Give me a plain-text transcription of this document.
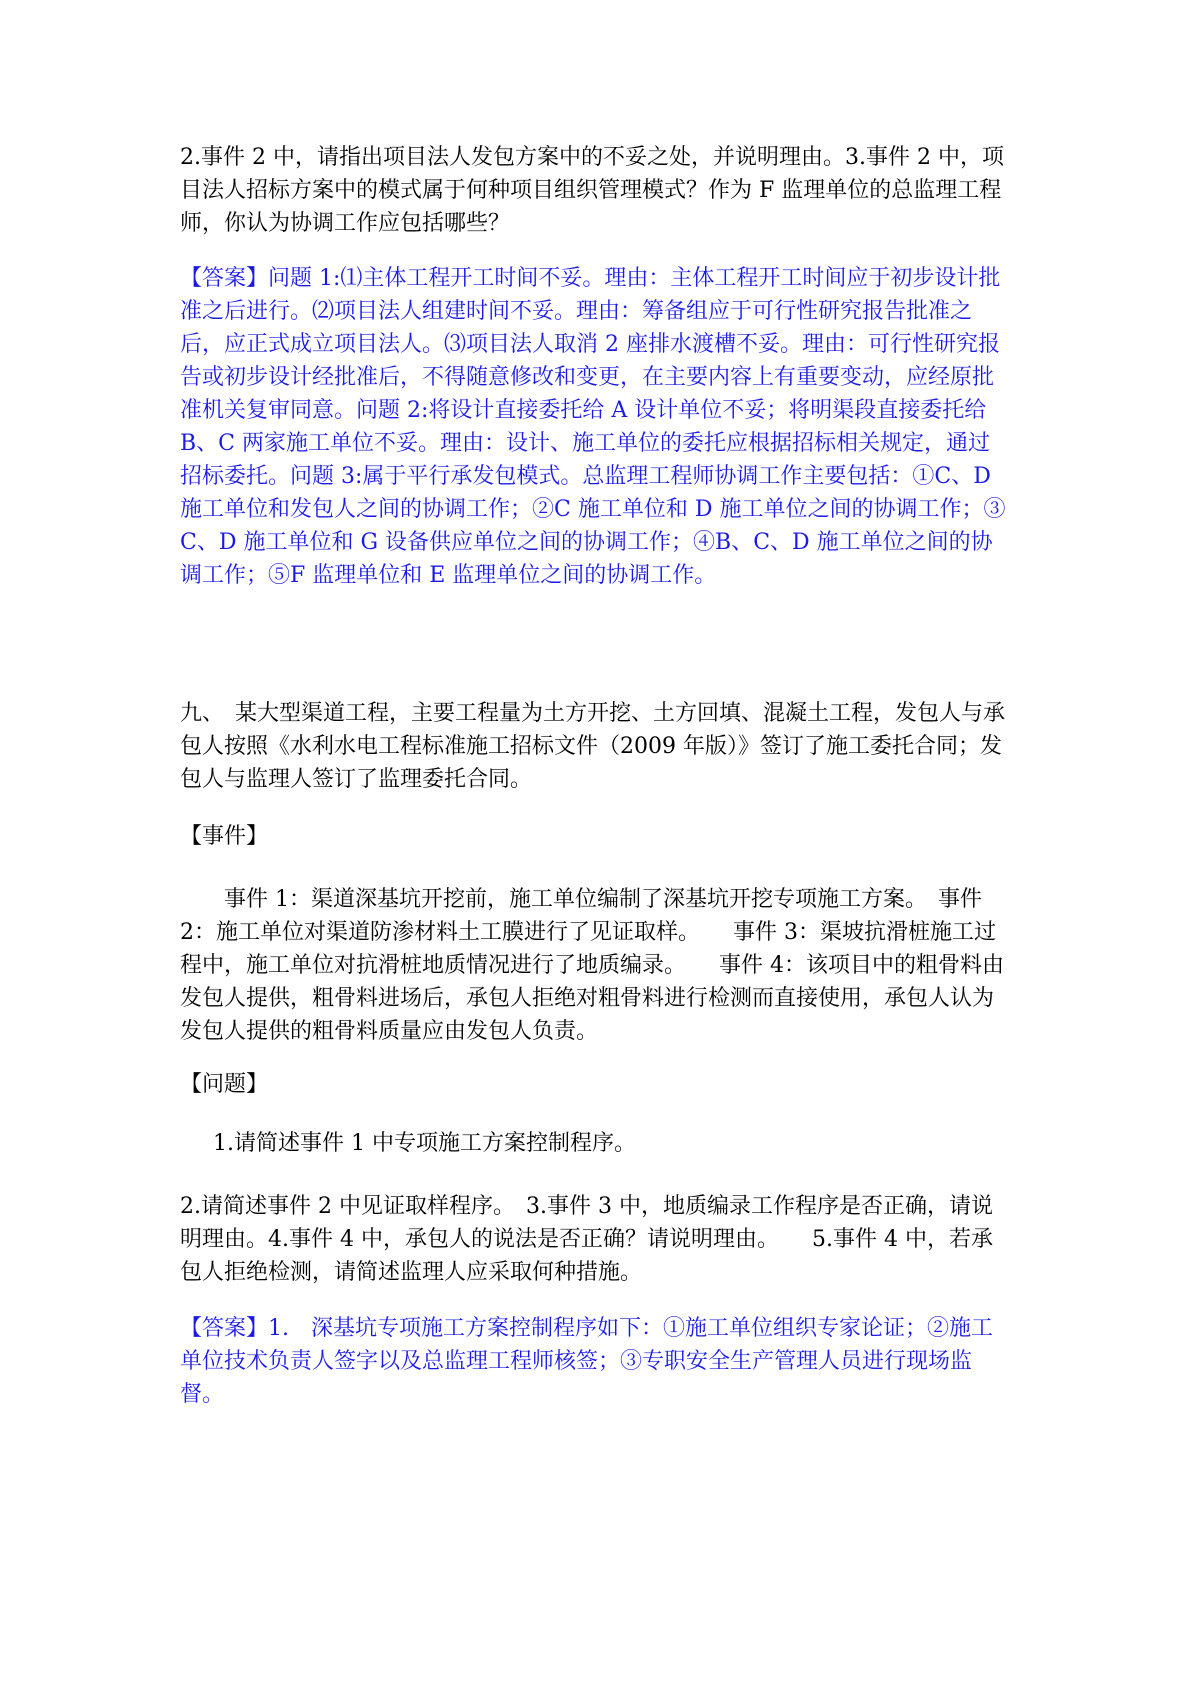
2.事件 2 中，请指出项目法人发包方案中的不妥之处，并说明理由。3.事件 2 中，项目法人招标方案中的模式属于何种项目组织管理模式？作为 F 监理单位的总监理工程师，你认为协调工作应包括哪些？

【答案】问题 1:⑴主体工程开工时间不妥。理由：主体工程开工时间应于初步设计批准之后进行。⑵项目法人组建时间不妥。理由：筹备组应于可行性研究报告批准之后，应正式成立项目法人。⑶项目法人取消 2 座排水渡槽不妥。理由：可行性研究报告或初步设计经批准后，不得随意修改和变更，在主要内容上有重要变动，应经原批准机关复审同意。问题 2:将设计直接委托给 A 设计单位不妥；将明渠段直接委托给 B、C 两家施工单位不妥。理由：设计、施工单位的委托应根据招标相关规定，通过招标委托。问题 3:属于平行承发包模式。总监理工程师协调工作主要包括：①C、D 施工单位和发包人之间的协调工作；②C 施工单位和 D 施工单位之间的协调工作；③C、D 施工单位和 G 设备供应单位之间的协调工作；④B、C、D 施工单位之间的协调工作；⑤F 监理单位和 E 监理单位之间的协调工作。

九、　某大型渠道工程，主要工程量为土方开挖、土方回填、混凝土工程，发包人与承包人按照《水利水电工程标准施工招标文件（2009 年版）》签订了施工委托合同；发包人与监理人签订了监理委托合同。

【事件】

事件 1：渠道深基坑开挖前，施工单位编制了深基坑开挖专项施工方案。　事件 2：施工单位对渠道防渗材料土工膜进行了见证取样。　　事件 3：渠坡抗滑桩施工过程中，施工单位对抗滑桩地质情况进行了地质编录。　　事件 4：该项目中的粗骨料由发包人提供，粗骨料进场后，承包人拒绝对粗骨料进行检测而直接使用，承包人认为发包人提供的粗骨料质量应由发包人负责。

【问题】

1.请简述事件 1 中专项施工方案控制程序。

2.请简述事件 2 中见证取样程序。　3.事件 3 中，地质编录工作程序是否正确，请说明理由。4.事件 4 中，承包人的说法是否正确？请说明理由。　　5.事件 4 中，若承包人拒绝检测，请简述监理人应采取何种措施。

【答案】1.　深基坑专项施工方案控制程序如下：①施工单位组织专家论证；②施工单位技术负责人签字以及总监理工程师核签；③专职安全生产管理人员进行现场监督。
